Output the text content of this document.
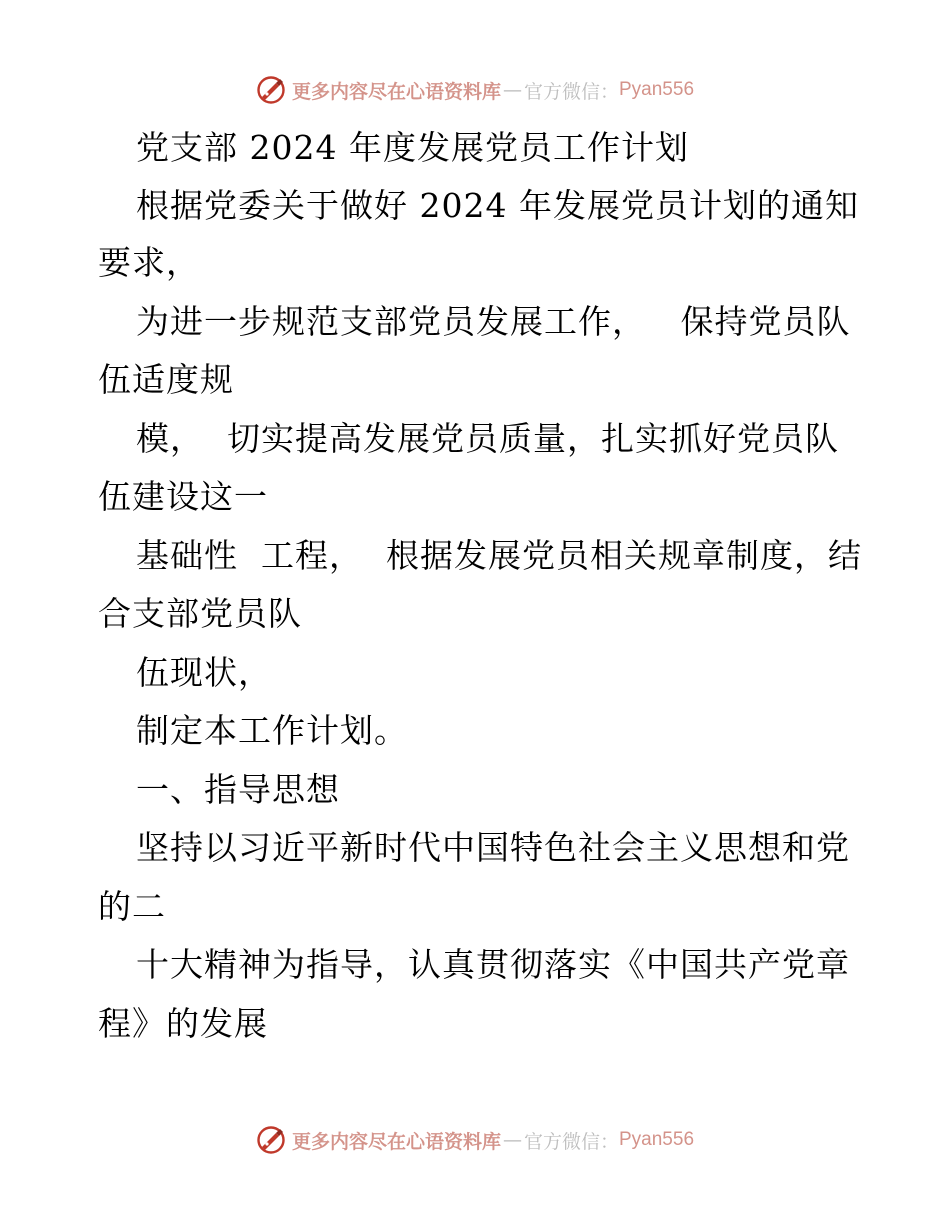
更多内容尽在心语资料库 — 官方微信： Pyan556
党支部 2024 年度发展党员工作计划
根据党委关于做好 2024 年发展党员计划的通知
要求，
为进一步规范支部党员发展工作，   保持党员队
伍适度规
模，  切实提高发展党员质量，扎实抓好党员队
伍建设这一
基础性  工程，  根据发展党员相关规章制度，结
合支部党员队
伍现状，
制定本工作计划。
一、指导思想
坚持以习近平新时代中国特色社会主义思想和党
的二
十大精神为指导，认真贯彻落实《中国共产党章
程》的发展
更多内容尽在心语资料库 — 官方微信： Pyan556
